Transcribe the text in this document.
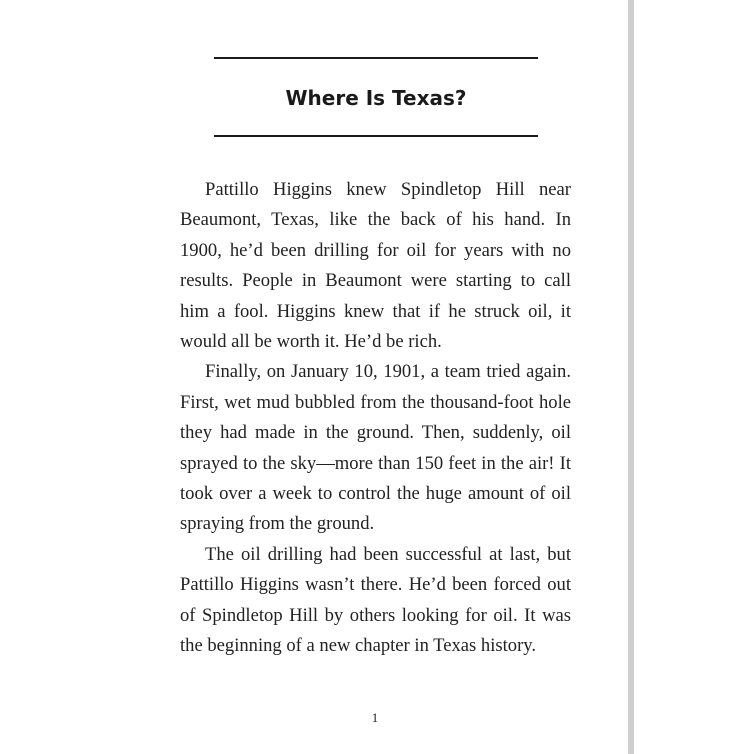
Where Is Texas?

Pattillo Higgins knew Spindletop Hill near Beaumont, Texas, like the back of his hand. In 1900, he’d been drilling for oil for years with no results. People in Beaumont were starting to call him a fool. Higgins knew that if he struck oil, it would all be worth it. He’d be rich.

Finally, on January 10, 1901, a team tried again. First, wet mud bubbled from the thousand-foot hole they had made in the ground. Then, suddenly, oil sprayed to the sky—more than 150 feet in the air! It took over a week to control the huge amount of oil spraying from the ground.

The oil drilling had been successful at last, but Pattillo Higgins wasn’t there. He’d been forced out of Spindletop Hill by others looking for oil. It was the beginning of a new chapter in Texas history.

1
